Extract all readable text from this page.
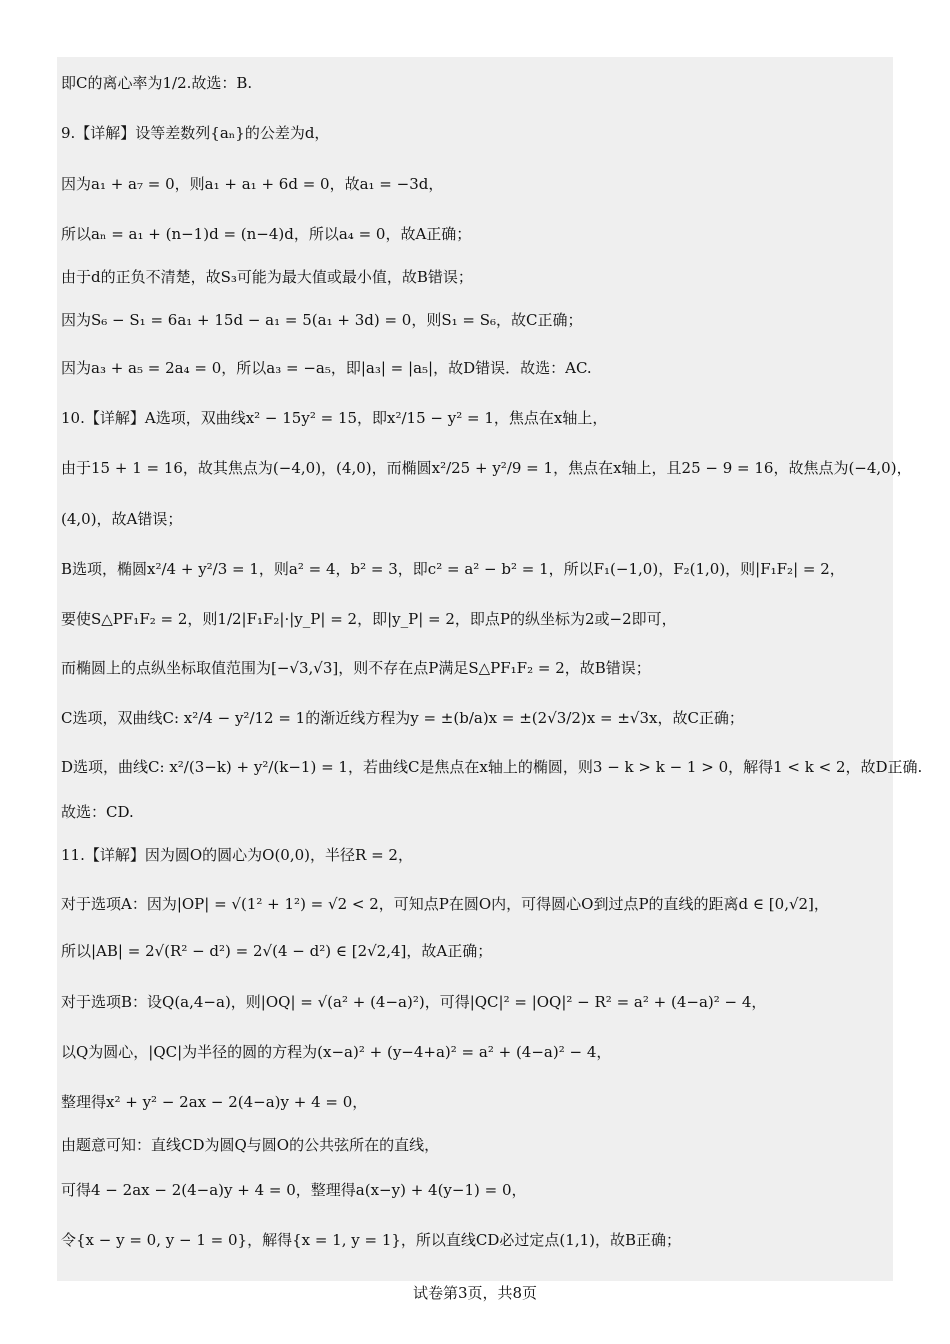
即C的离心率为1/2.故选：B.
9.【详解】设等差数列{aₙ}的公差为d，
因为a₁ + a₇ = 0，则a₁ + a₁ + 6d = 0，故a₁ = −3d，
所以aₙ = a₁ + (n−1)d = (n−4)d，所以a₄ = 0，故A正确；
由于d的正负不清楚，故S₃可能为最大值或最小值，故B错误；
因为S₆ − S₁ = 6a₁ + 15d − a₁ = 5(a₁ + 3d) = 0，则S₁ = S₆，故C正确；
因为a₃ + a₅ = 2a₄ = 0，所以a₃ = −a₅，即|a₃| = |a₅|，故D错误．故选：AC.
10.【详解】A选项，双曲线x² − 15y² = 15，即x²/15 − y² = 1，焦点在x轴上，
由于15 + 1 = 16，故其焦点为(−4,0)，(4,0)，而椭圆x²/25 + y²/9 = 1，焦点在x轴上，且25 − 9 = 16，故焦点为(−4,0)，
(4,0)，故A错误；
B选项，椭圆x²/4 + y²/3 = 1，则a² = 4，b² = 3，即c² = a² − b² = 1，所以F₁(−1,0)，F₂(1,0)，则|F₁F₂| = 2，
要使S△PF₁F₂ = 2，则1/2|F₁F₂|·|y_P| = 2，即|y_P| = 2，即点P的纵坐标为2或−2即可，
而椭圆上的点纵坐标取值范围为[−√3,√3]，则不存在点P满足S△PF₁F₂ = 2，故B错误；
C选项，双曲线C: x²/4 − y²/12 = 1的渐近线方程为y = ±(b/a)x = ±(2√3/2)x = ±√3x，故C正确；
D选项，曲线C: x²/(3−k) + y²/(k−1) = 1，若曲线C是焦点在x轴上的椭圆，则3 − k > k − 1 > 0，解得1 < k < 2，故D正确.
故选：CD.
11.【详解】因为圆O的圆心为O(0,0)，半径R = 2，
对于选项A：因为|OP| = √(1² + 1²) = √2 < 2，可知点P在圆O内，可得圆心O到过点P的直线的距离d ∈ [0,√2]，
所以|AB| = 2√(R² − d²) = 2√(4 − d²) ∈ [2√2,4]，故A正确；
对于选项B：设Q(a,4−a)，则|OQ| = √(a² + (4−a)²)，可得|QC|² = |OQ|² − R² = a² + (4−a)² − 4，
以Q为圆心，|QC|为半径的圆的方程为(x−a)² + (y−4+a)² = a² + (4−a)² − 4，
整理得x² + y² − 2ax − 2(4−a)y + 4 = 0，
由题意可知：直线CD为圆Q与圆O的公共弦所在的直线，
可得4 − 2ax − 2(4−a)y + 4 = 0，整理得a(x−y) + 4(y−1) = 0，
令{x − y = 0, y − 1 = 0}，解得{x = 1, y = 1}，所以直线CD必过定点(1,1)，故B正确；
试卷第3页，共8页
